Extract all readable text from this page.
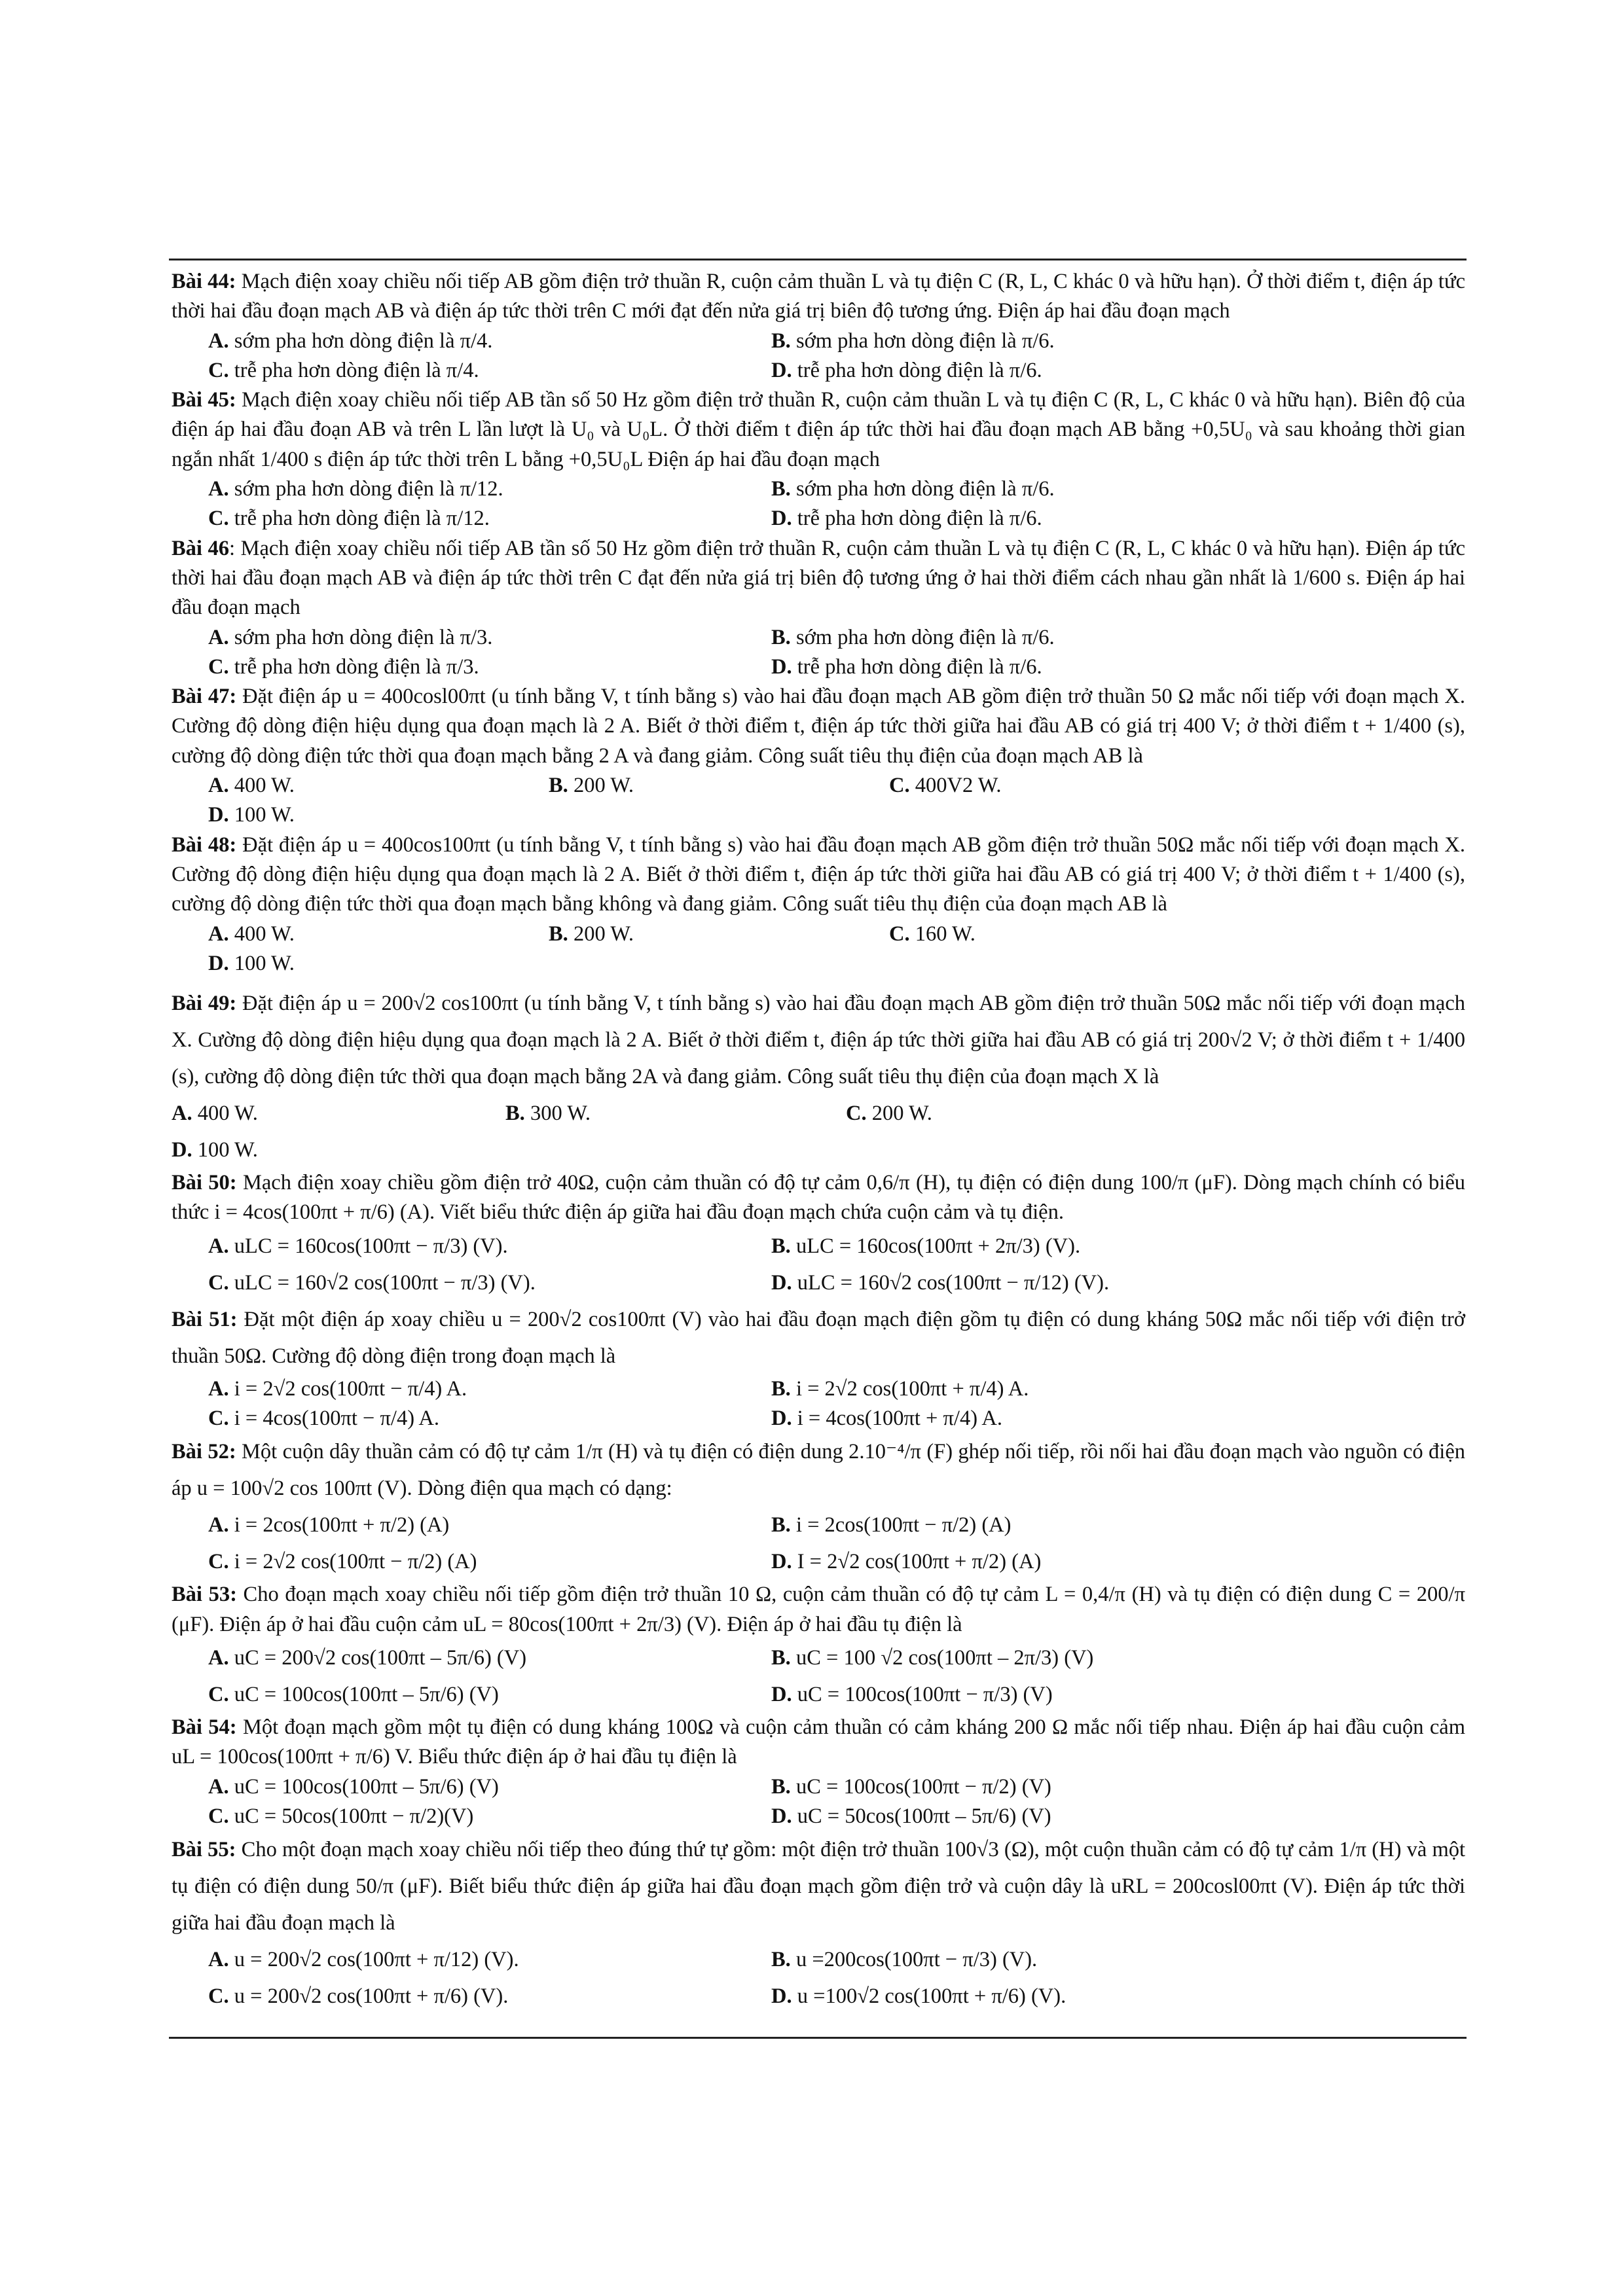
Bài 44: Mạch điện xoay chiều nối tiếp AB gồm điện trở thuần R, cuộn cảm thuần L và tụ điện C (R, L, C khác 0 và hữu hạn). Ở thời điểm t, điện áp tức thời hai đầu đoạn mạch AB và điện áp tức thời trên C mới đạt đến nửa giá trị biên độ tương ứng. Điện áp hai đầu đoạn mạch
A. sớm pha hơn dòng điện là π/4.	B. sớm pha hơn dòng điện là π/6.
C. trễ pha hơn dòng điện là π/4.	D. trễ pha hơn dòng điện là π/6.
Bài 45: Mạch điện xoay chiều nối tiếp AB tần số 50 Hz gồm điện trở thuần R, cuộn cảm thuần L và tụ điện C (R, L, C khác 0 và hữu hạn). Biên độ của điện áp hai đầu đoạn AB và trên L lần lượt là U₀ và U₀L. Ở thời điểm t điện áp tức thời hai đầu đoạn mạch AB bằng +0,5U₀ và sau khoảng thời gian ngắn nhất 1/400 s điện áp tức thời trên L bằng +0,5U₀L Điện áp hai đầu đoạn mạch
A. sớm pha hơn dòng điện là π/12.	B. sớm pha hơn dòng điện là π/6.
C. trễ pha hơn dòng điện là π/12.	D. trễ pha hơn dòng điện là π/6.
Bài 46: Mạch điện xoay chiều nối tiếp AB tần số 50 Hz gồm điện trở thuần R, cuộn cảm thuần L và tụ điện C (R, L, C khác 0 và hữu hạn). Điện áp tức thời hai đầu đoạn mạch AB và điện áp tức thời trên C đạt đến nửa giá trị biên độ tương ứng ở hai thời điểm cách nhau gần nhất là 1/600 s. Điện áp hai đầu đoạn mạch
A. sớm pha hơn dòng điện là π/3.	B. sớm pha hơn dòng điện là π/6.
C. trễ pha hơn dòng điện là π/3.	D. trễ pha hơn dòng điện là π/6.
Bài 47: Đặt điện áp u = 400cosl00πt (u tính bằng V, t tính bằng s) vào hai đầu đoạn mạch AB gồm điện trở thuần 50 Ω mắc nối tiếp với đoạn mạch X. Cường độ dòng điện hiệu dụng qua đoạn mạch là 2 A. Biết ở thời điểm t, điện áp tức thời giữa hai đầu AB có giá trị 400 V; ở thời điểm t + 1/400 (s), cường độ dòng điện tức thời qua đoạn mạch bằng 2 A và đang giảm. Công suất tiêu thụ điện của đoạn mạch AB là
A. 400 W.	B. 200 W.	C. 400V2 W.
D. 100 W.
Bài 48: Đặt điện áp u = 400cos100πt (u tính bằng V, t tính bằng s) vào hai đầu đoạn mạch AB gồm điện trở thuần 50Ω mắc nối tiếp với đoạn mạch X. Cường độ dòng điện hiệu dụng qua đoạn mạch là 2 A. Biết ở thời điểm t, điện áp tức thời giữa hai đầu AB có giá trị 400 V; ở thời điểm t + 1/400 (s), cường độ dòng điện tức thời qua đoạn mạch bằng không và đang giảm. Công suất tiêu thụ điện của đoạn mạch AB là
A. 400 W.	B. 200 W.	C. 160 W.
D. 100 W.
Bài 49: Đặt điện áp u = 200√2 cos100πt (u tính bằng V, t tính bằng s) vào hai đầu đoạn mạch AB gồm điện trở thuần 50Ω mắc nối tiếp với đoạn mạch X. Cường độ dòng điện hiệu dụng qua đoạn mạch là 2 A. Biết ở thời điểm t, điện áp tức thời giữa hai đầu AB có giá trị 200√2 V; ở thời điểm t + 1/400 (s), cường độ dòng điện tức thời qua đoạn mạch bằng 2A và đang giảm. Công suất tiêu thụ điện của đoạn mạch X là
A. 400 W.	B. 300 W.	C. 200 W.
D. 100 W.
Bài 50: Mạch điện xoay chiều gồm điện trở 40Ω, cuộn cảm thuần có độ tự cảm 0,6/π (H), tụ điện có điện dung 100/π (μF). Dòng mạch chính có biểu thức i = 4cos(100πt + π/6) (A). Viết biểu thức điện áp giữa hai đầu đoạn mạch chứa cuộn cảm và tụ điện.
A. uLC = 160cos(100πt − π/3) (V).	B. uLC = 160cos(100πt + 2π/3) (V).
C. uLC = 160√2 cos(100πt − π/3) (V).	D. uLC = 160√2 cos(100πt − π/12) (V).
Bài 51: Đặt một điện áp xoay chiều u = 200√2 cos100πt (V) vào hai đầu đoạn mạch điện gồm tụ điện có dung kháng 50Ω mắc nối tiếp với điện trở thuần 50Ω. Cường độ dòng điện trong đoạn mạch là
A. i = 2√2 cos(100πt − π/4) A.	B. i = 2√2 cos(100πt + π/4) A.
C. i = 4cos(100πt − π/4) A.	D. i = 4cos(100πt + π/4) A.
Bài 52: Một cuộn dây thuần cảm có độ tự cảm 1/π (H) và tụ điện có điện dung 2.10⁻⁴/π (F) ghép nối tiếp, rồi nối hai đầu đoạn mạch vào nguồn có điện áp u = 100√2 cos 100πt (V). Dòng điện qua mạch có dạng:
A. i = 2cos(100πt + π/2) (A)	B. i = 2cos(100πt − π/2) (A)
C. i = 2√2 cos(100πt − π/2) (A)	D. I = 2√2 cos(100πt + π/2) (A)
Bài 53: Cho đoạn mạch xoay chiều nối tiếp gồm điện trở thuần 10 Ω, cuộn cảm thuần có độ tự cảm L = 0,4/π (H) và tụ điện có điện dung C = 200/π (μF). Điện áp ở hai đầu cuộn cảm uL = 80cos(100πt + 2π/3) (V). Điện áp ở hai đầu tụ điện là
A. uC = 200√2 cos(100πt – 5π/6) (V)	B. uC = 100 √2 cos(100πt – 2π/3) (V)
C. uC = 100cos(100πt – 5π/6) (V)	D. uC = 100cos(100πt − π/3) (V)
Bài 54: Một đoạn mạch gồm một tụ điện có dung kháng 100Ω và cuộn cảm thuần có cảm kháng 200 Ω mắc nối tiếp nhau. Điện áp hai đầu cuộn cảm uL = 100cos(100πt + π/6) V. Biểu thức điện áp ở hai đầu tụ điện là
A. uC = 100cos(100πt – 5π/6) (V)	B. uC = 100cos(100πt − π/2) (V)
C. uC = 50cos(100πt − π/2)(V)	D. uC = 50cos(100πt – 5π/6) (V)
Bài 55: Cho một đoạn mạch xoay chiều nối tiếp theo đúng thứ tự gồm: một điện trở thuần 100√3 (Ω), một cuộn thuần cảm có độ tự cảm 1/π (H) và một tụ điện có điện dung 50/π (μF). Biết biểu thức điện áp giữa hai đầu đoạn mạch gồm điện trở và cuộn dây là uRL = 200cosl00πt (V). Điện áp tức thời giữa hai đầu đoạn mạch là
A. u = 200√2 cos(100πt + π/12) (V).	B. u =200cos(100πt − π/3) (V).
C. u = 200√2 cos(100πt + π/6) (V).	D. u =100√2 cos(100πt + π/6) (V).
